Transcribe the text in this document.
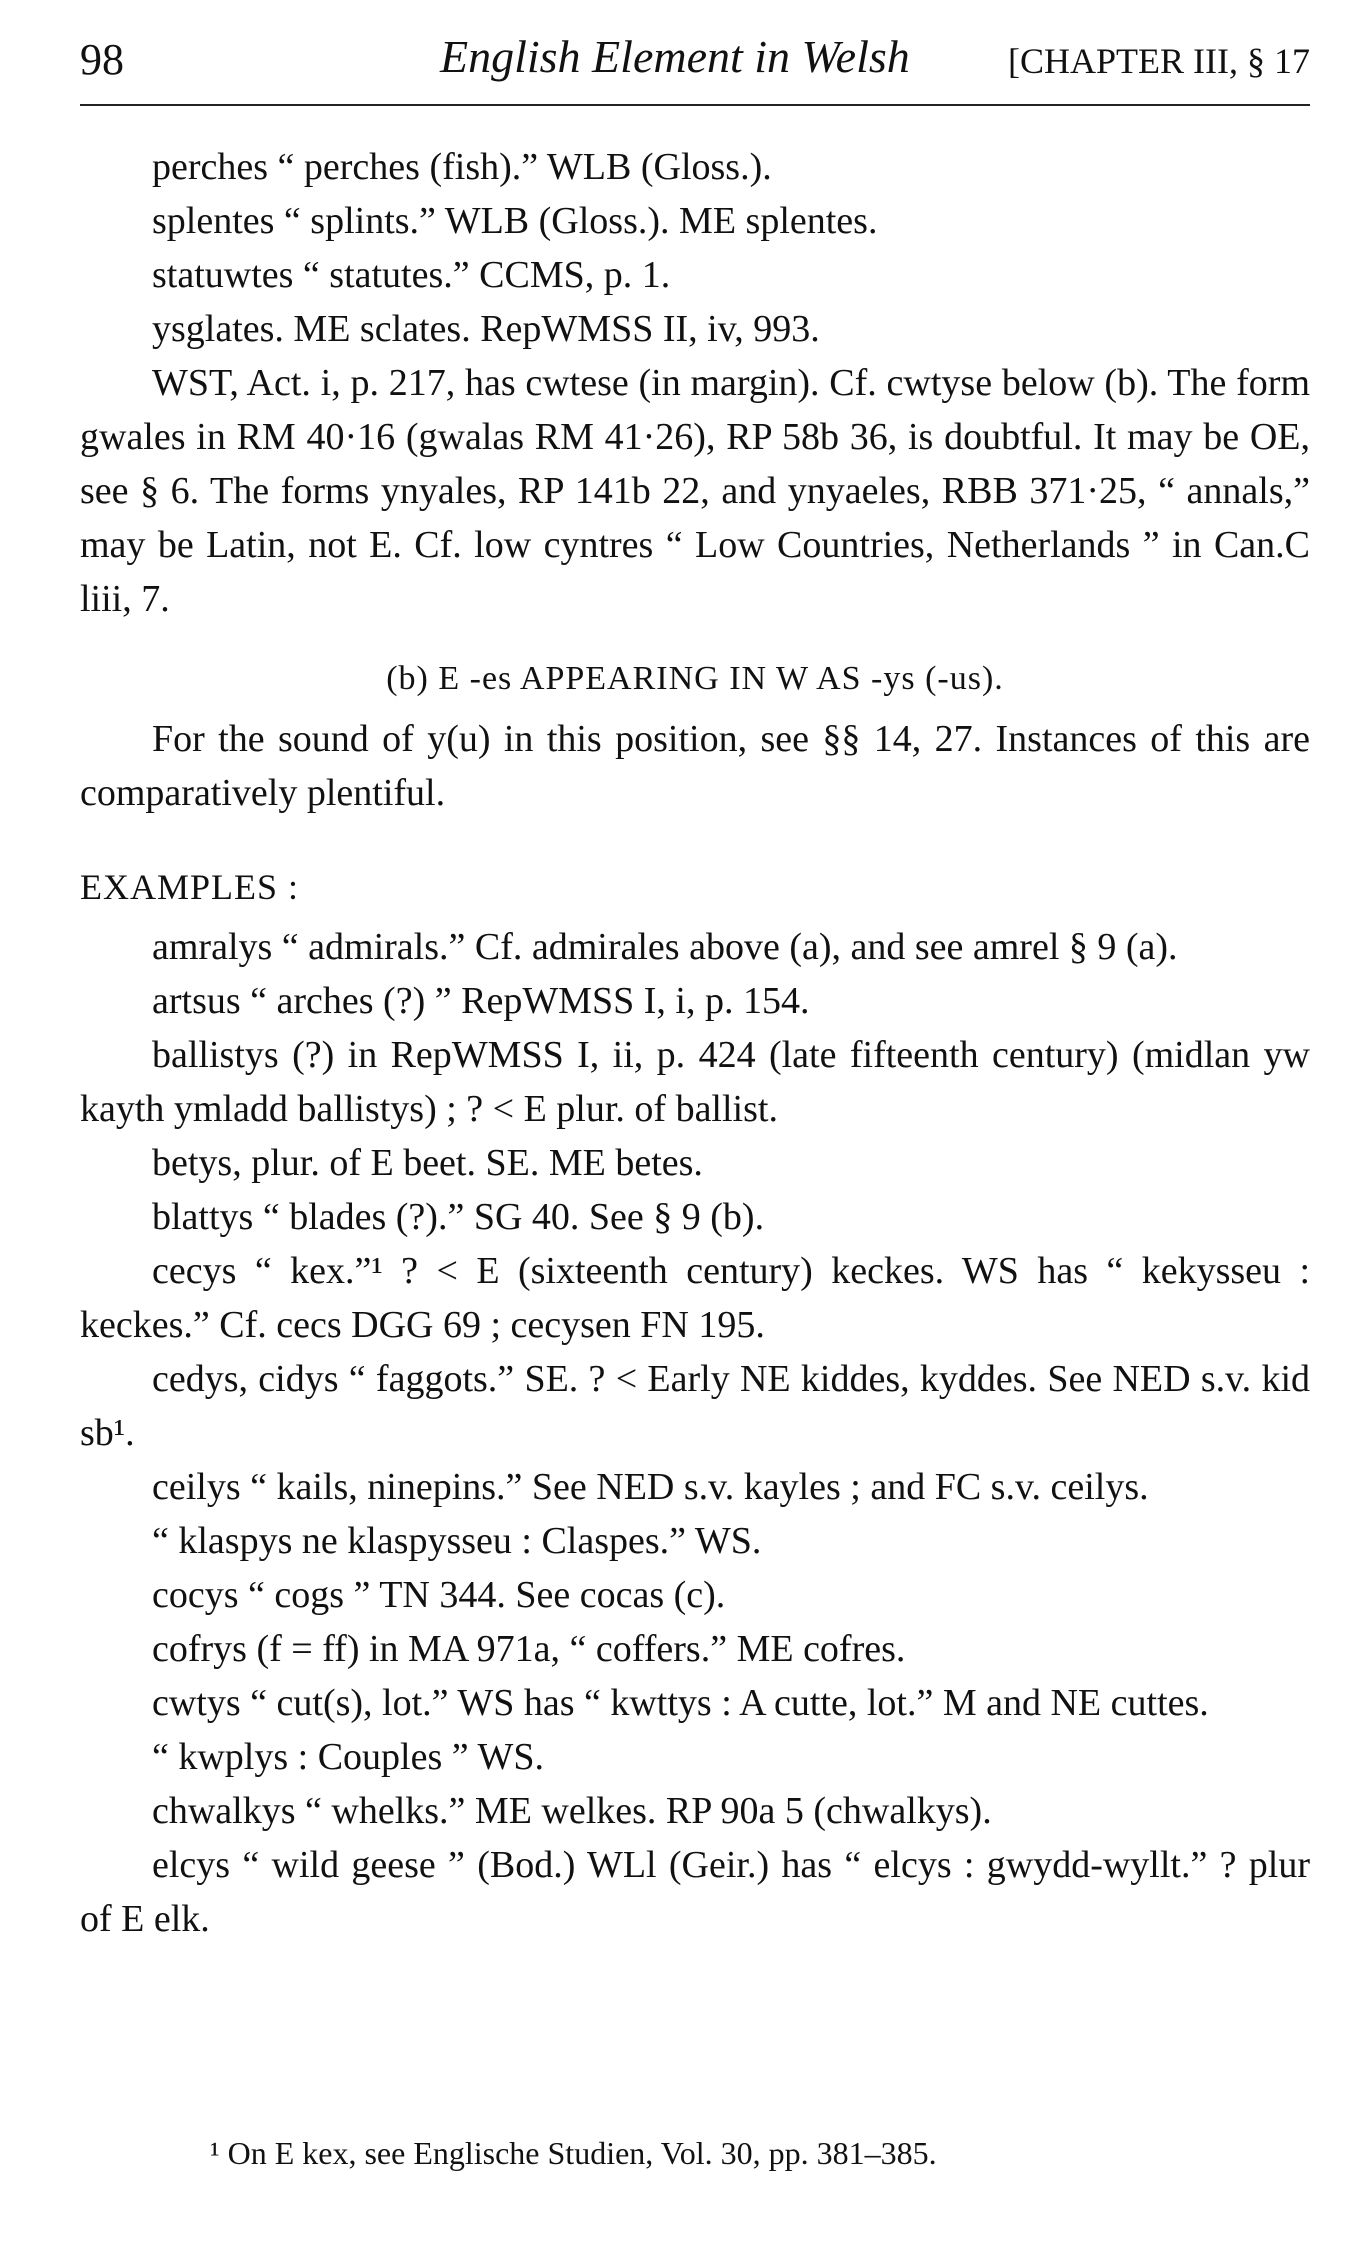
98	English Element in Welsh	[CHAPTER III, § 17

perches “ perches (fish).” WLB (Gloss.).

splentes “ splints.” WLB (Gloss.). ME splentes.

statuwtes “ statutes.” CCMS, p. 1.

ysglates. ME sclates. RepWMSS II, iv, 993.

WST, Act. i, p. 217, has cwtese (in margin). Cf. cwtyse below (b). The form gwales in RM 40·16 (gwalas RM 41·26), RP 58b 36, is doubtful. It may be OE, see § 6. The forms ynyales, RP 141b 22, and ynyaeles, RBB 371·25, “ annals,” may be Latin, not E. Cf. low cyntres “ Low Countries, Netherlands ” in Can.C liii, 7.

(b) E -es APPEARING IN W AS -ys (-us).

For the sound of y(u) in this position, see §§ 14, 27. Instances of this are comparatively plentiful.

EXAMPLES :

amralys “ admirals.” Cf. admirales above (a), and see amrel § 9 (a).

artsus “ arches (?) ” RepWMSS I, i, p. 154.

ballistys (?) in RepWMSS I, ii, p. 424 (late fifteenth century) (midlan yw kayth ymladd ballistys) ; ? < E plur. of ballist.

betys, plur. of E beet. SE. ME betes.

blattys “ blades (?).” SG 40. See § 9 (b).

cecys “ kex.”¹ ? < E (sixteenth century) keckes. WS has “ kekysseu : keckes.” Cf. cecs DGG 69 ; cecysen FN 195.

cedys, cidys “ faggots.” SE. ? < Early NE kiddes, kyddes. See NED s.v. kid sb¹.

ceilys “ kails, ninepins.” See NED s.v. kayles ; and FC s.v. ceilys.

“ klaspys ne klaspysseu : Claspes.” WS.

cocys “ cogs ” TN 344. See cocas (c).

cofrys (f = ff) in MA 971a, “ coffers.” ME cofres.

cwtys “ cut(s), lot.” WS has “ kwttys : A cutte, lot.” M and NE cuttes.

“ kwplys : Couples ” WS.

chwalkys “ whelks.” ME welkes. RP 90a 5 (chwalkys).

elcys “ wild geese ” (Bod.) WLl (Geir.) has “ elcys : gwydd-wyllt.” ? plur of E elk.

¹ On E kex, see Englische Studien, Vol. 30, pp. 381–385.
